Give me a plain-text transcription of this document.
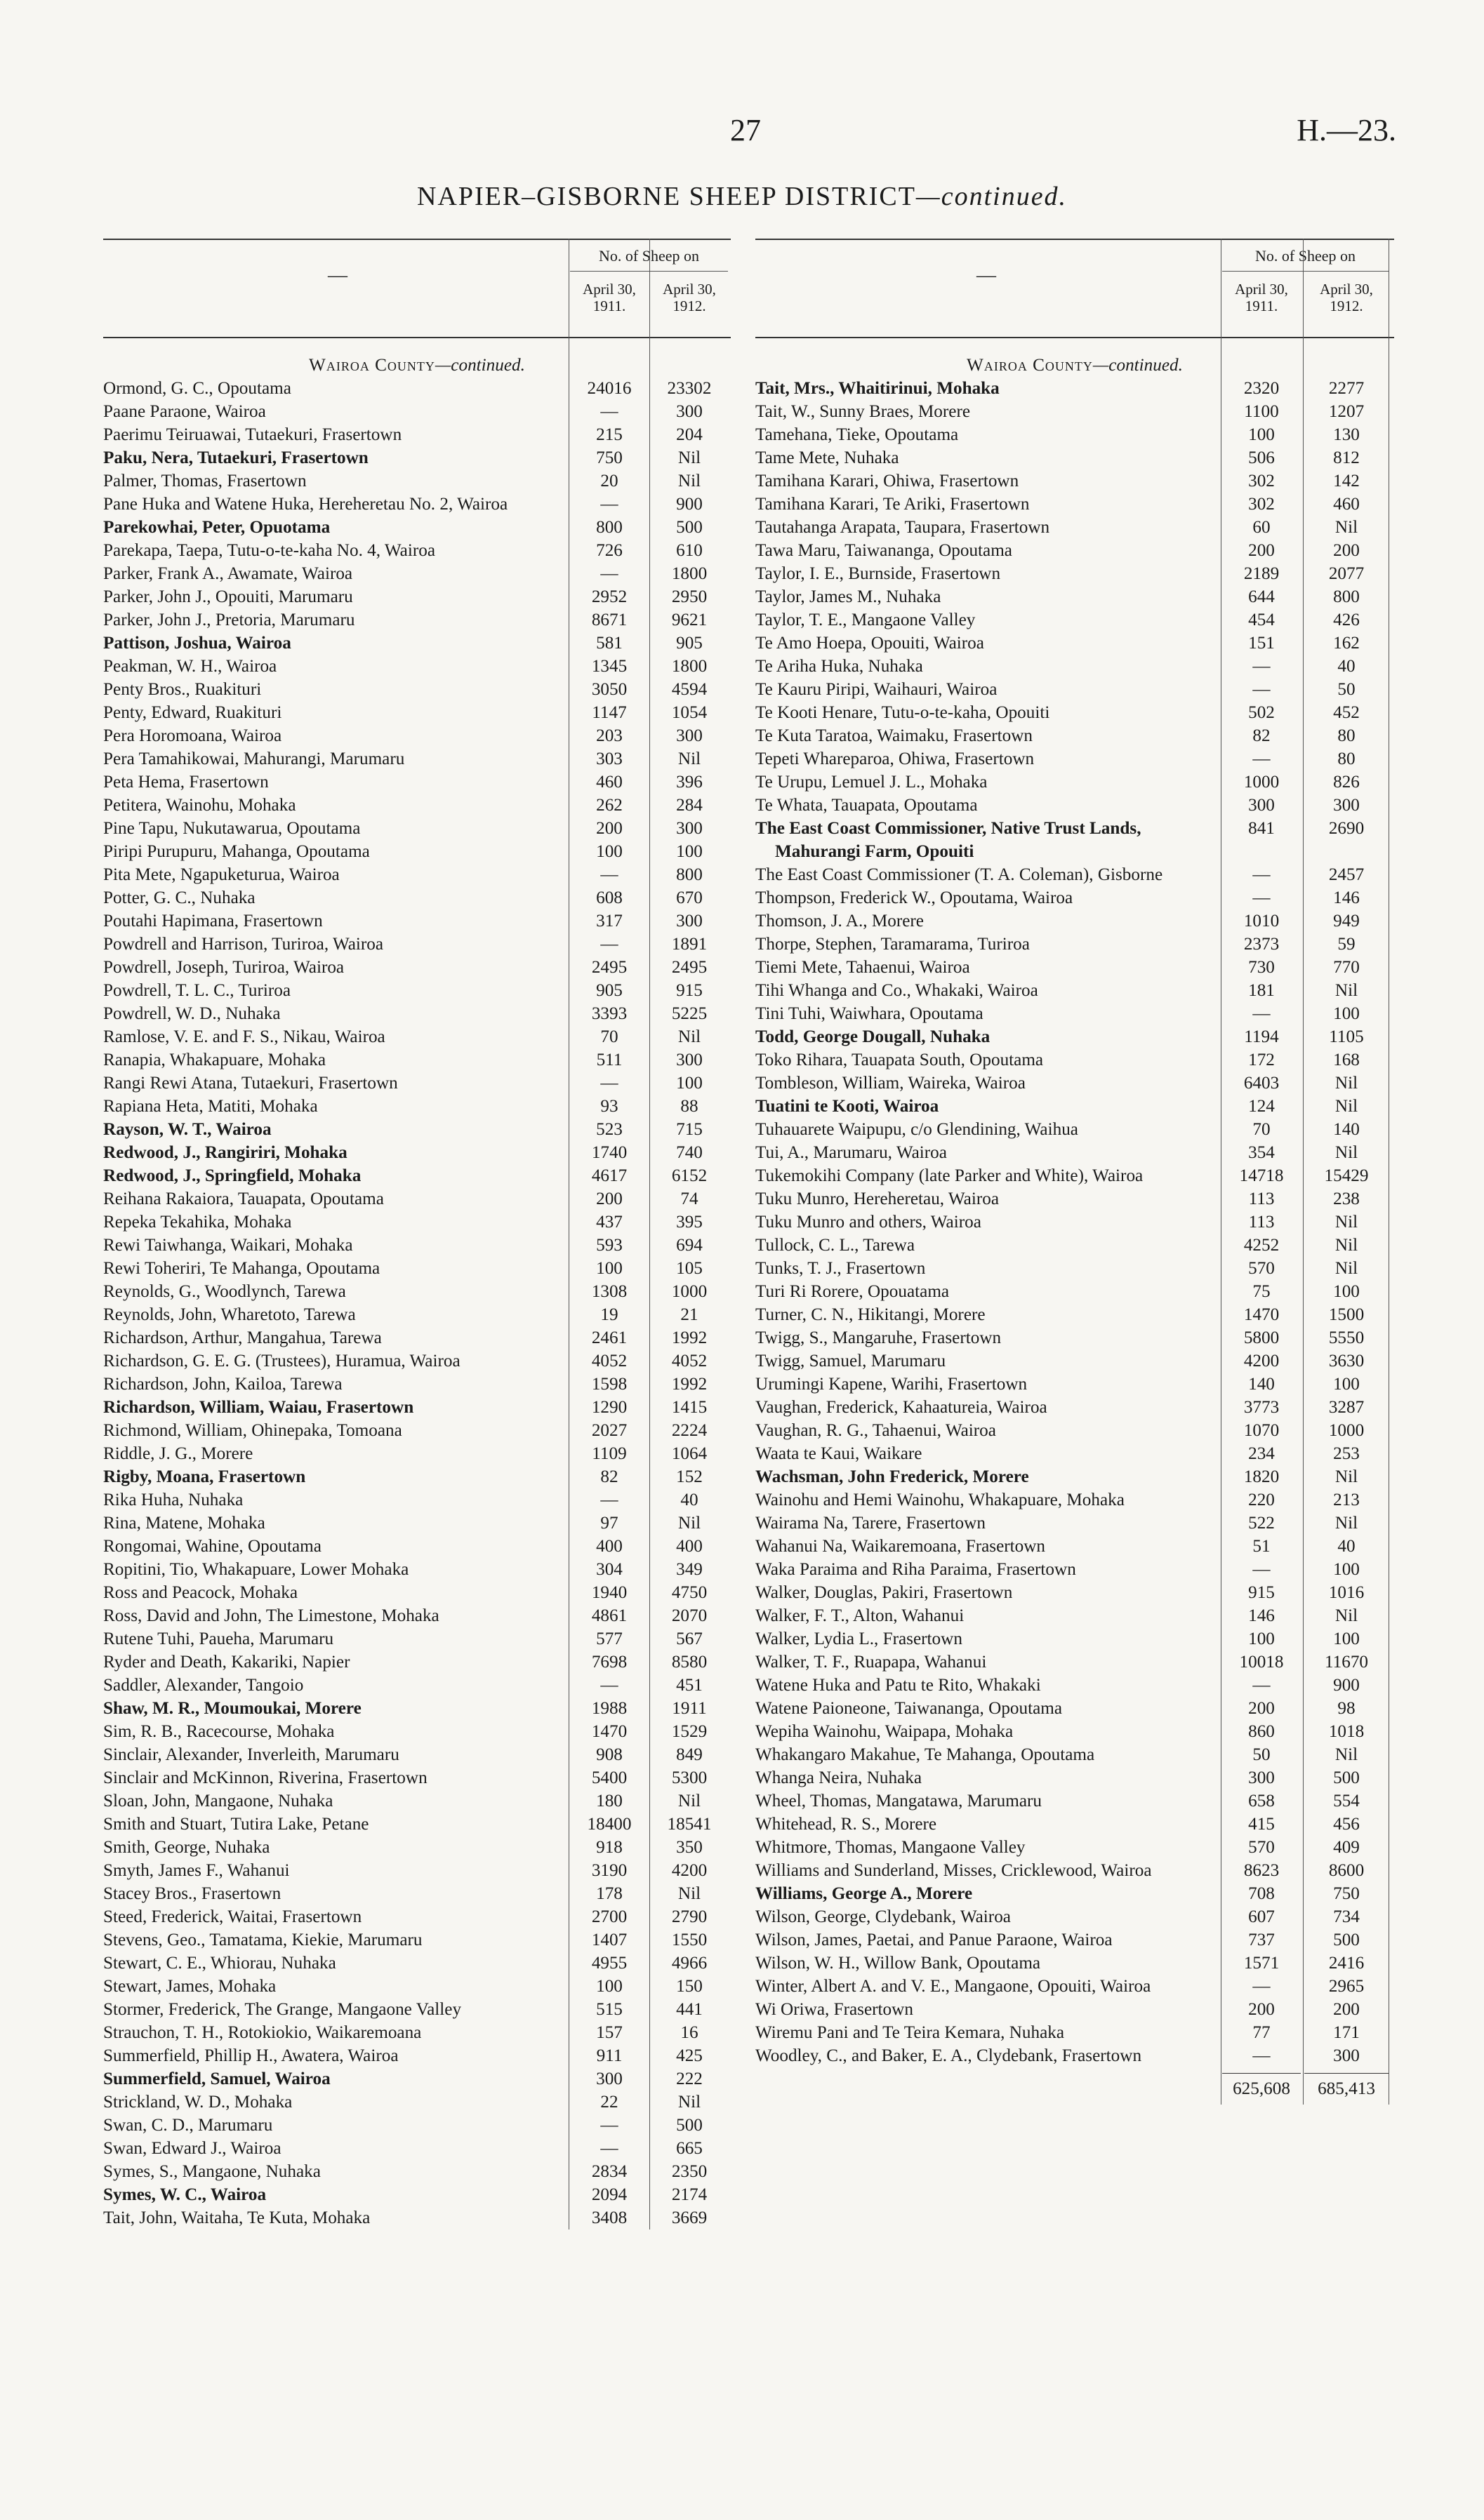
27	H.—23.
NAPIER–GISBORNE SHEEP DISTRICT—continued.
—
No. of Sheep on
April 30, 1911.
April 30, 1912.
Wairoa County—continued.
Ormond, G. C., Opoutama	24016	23302
Paane Paraone, Wairoa	—	300
Paerimu Teiruawai, Tutaekuri, Frasertown	215	204
Paku, Nera, Tutaekuri, Frasertown	750	Nil
Palmer, Thomas, Frasertown	20	Nil
Pane Huka and Watene Huka, Hereheretau No. 2, Wairoa	—	900
Parekowhai, Peter, Opuotama	800	500
Parekapa, Taepa, Tutu-o-te-kaha No. 4, Wairoa	726	610
Parker, Frank A., Awamate, Wairoa	—	1800
Parker, John J., Opouiti, Marumaru	2952	2950
Parker, John J., Pretoria, Marumaru	8671	9621
Pattison, Joshua, Wairoa	581	905
Peakman, W. H., Wairoa	1345	1800
Penty Bros., Ruakituri	3050	4594
Penty, Edward, Ruakituri	1147	1054
Pera Horomoana, Wairoa	203	300
Pera Tamahikowai, Mahurangi, Marumaru	303	Nil
Peta Hema, Frasertown	460	396
Petitera, Wainohu, Mohaka	262	284
Pine Tapu, Nukutawarua, Opoutama	200	300
Piripi Purupuru, Mahanga, Opoutama	100	100
Pita Mete, Ngapuketurua, Wairoa	—	800
Potter, G. C., Nuhaka	608	670
Poutahi Hapimana, Frasertown	317	300
Powdrell and Harrison, Turiroa, Wairoa	—	1891
Powdrell, Joseph, Turiroa, Wairoa	2495	2495
Powdrell, T. L. C., Turiroa	905	915
Powdrell, W. D., Nuhaka	3393	5225
Ramlose, V. E. and F. S., Nikau, Wairoa	70	Nil
Ranapia, Whakapuare, Mohaka	511	300
Rangi Rewi Atana, Tutaekuri, Frasertown	—	100
Rapiana Heta, Matiti, Mohaka	93	88
Rayson, W. T., Wairoa	523	715
Redwood, J., Rangiriri, Mohaka	1740	740
Redwood, J., Springfield, Mohaka	4617	6152
Reihana Rakaiora, Tauapata, Opoutama	200	74
Repeka Tekahika, Mohaka	437	395
Rewi Taiwhanga, Waikari, Mohaka	593	694
Rewi Toheriri, Te Mahanga, Opoutama	100	105
Reynolds, G., Woodlynch, Tarewa	1308	1000
Reynolds, John, Wharetoto, Tarewa	19	21
Richardson, Arthur, Mangahua, Tarewa	2461	1992
Richardson, G. E. G. (Trustees), Huramua, Wairoa	4052	4052
Richardson, John, Kailoa, Tarewa	1598	1992
Richardson, William, Waiau, Frasertown	1290	1415
Richmond, William, Ohinepaka, Tomoana	2027	2224
Riddle, J. G., Morere	1109	1064
Rigby, Moana, Frasertown	82	152
Rika Huha, Nuhaka	—	40
Rina, Matene, Mohaka	97	Nil
Rongomai, Wahine, Opoutama	400	400
Ropitini, Tio, Whakapuare, Lower Mohaka	304	349
Ross and Peacock, Mohaka	1940	4750
Ross, David and John, The Limestone, Mohaka	4861	2070
Rutene Tuhi, Paueha, Marumaru	577	567
Ryder and Death, Kakariki, Napier	7698	8580
Saddler, Alexander, Tangoio	—	451
Shaw, M. R., Moumoukai, Morere	1988	1911
Sim, R. B., Racecourse, Mohaka	1470	1529
Sinclair, Alexander, Inverleith, Marumaru	908	849
Sinclair and McKinnon, Riverina, Frasertown	5400	5300
Sloan, John, Mangaone, Nuhaka	180	Nil
Smith and Stuart, Tutira Lake, Petane	18400	18541
Smith, George, Nuhaka	918	350
Smyth, James F., Wahanui	3190	4200
Stacey Bros., Frasertown	178	Nil
Steed, Frederick, Waitai, Frasertown	2700	2790
Stevens, Geo., Tamatama, Kiekie, Marumaru	1407	1550
Stewart, C. E., Whiorau, Nuhaka	4955	4966
Stewart, James, Mohaka	100	150
Stormer, Frederick, The Grange, Mangaone Valley	515	441
Strauchon, T. H., Rotokiokio, Waikaremoana	157	16
Summerfield, Phillip H., Awatera, Wairoa	911	425
Summerfield, Samuel, Wairoa	300	222
Strickland, W. D., Mohaka	22	Nil
Swan, C. D., Marumaru	—	500
Swan, Edward J., Wairoa	—	665
Symes, S., Mangaone, Nuhaka	2834	2350
Symes, W. C., Wairoa	2094	2174
Tait, John, Waitaha, Te Kuta, Mohaka	3408	3669
—
No. of Sheep on
April 30, 1911.
April 30, 1912.
Wairoa County—continued.
Tait, Mrs., Whaitirinui, Mohaka	2320	2277
Tait, W., Sunny Braes, Morere	1100	1207
Tamehana, Tieke, Opoutama	100	130
Tame Mete, Nuhaka	506	812
Tamihana Karari, Ohiwa, Frasertown	302	142
Tamihana Karari, Te Ariki, Frasertown	302	460
Tautahanga Arapata, Taupara, Frasertown	60	Nil
Tawa Maru, Taiwananga, Opoutama	200	200
Taylor, I. E., Burnside, Frasertown	2189	2077
Taylor, James M., Nuhaka	644	800
Taylor, T. E., Mangaone Valley	454	426
Te Amo Hoepa, Opouiti, Wairoa	151	162
Te Ariha Huka, Nuhaka	—	40
Te Kauru Piripi, Waihauri, Wairoa	—	50
Te Kooti Henare, Tutu-o-te-kaha, Opouiti	502	452
Te Kuta Taratoa, Waimaku, Frasertown	82	80
Tepeti Whareparoa, Ohiwa, Frasertown	—	80
Te Urupu, Lemuel J. L., Mohaka	1000	826
Te Whata, Tauapata, Opoutama	300	300
The East Coast Commissioner, Native Trust Lands, Mahurangi Farm, Opouiti
841	2690
The East Coast Commissioner (T. A. Coleman), Gisborne	—	2457
Thompson, Frederick W., Opoutama, Wairoa	—	146
Thomson, J. A., Morere	1010	949
Thorpe, Stephen, Taramarama, Turiroa	2373	59
Tiemi Mete, Tahaenui, Wairoa	730	770
Tihi Whanga and Co., Whakaki, Wairoa	181	Nil
Tini Tuhi, Waiwhara, Opoutama	—	100
Todd, George Dougall, Nuhaka	1194	1105
Toko Rihara, Tauapata South, Opoutama	172	168
Tombleson, William, Waireka, Wairoa	6403	Nil
Tuatini te Kooti, Wairoa	124	Nil
Tuhauarete Waipupu, c/o Glendining, Waihua	70	140
Tui, A., Marumaru, Wairoa	354	Nil
Tukemokihi Company (late Parker and White), Wairoa	14718	15429
Tuku Munro, Hereheretau, Wairoa	113	238
Tuku Munro and others, Wairoa	113	Nil
Tullock, C. L., Tarewa	4252	Nil
Tunks, T. J., Frasertown	570	Nil
Turi Ri Rorere, Opouatama	75	100
Turner, C. N., Hikitangi, Morere	1470	1500
Twigg, S., Mangaruhe, Frasertown	5800	5550
Twigg, Samuel, Marumaru	4200	3630
Urumingi Kapene, Warihi, Frasertown	140	100
Vaughan, Frederick, Kahaatureia, Wairoa	3773	3287
Vaughan, R. G., Tahaenui, Wairoa	1070	1000
Waata te Kaui, Waikare	234	253
Wachsman, John Frederick, Morere	1820	Nil
Wainohu and Hemi Wainohu, Whakapuare, Mohaka	220	213
Wairama Na, Tarere, Frasertown	522	Nil
Wahanui Na, Waikaremoana, Frasertown	51	40
Waka Paraima and Riha Paraima, Frasertown	—	100
Walker, Douglas, Pakiri, Frasertown	915	1016
Walker, F. T., Alton, Wahanui	146	Nil
Walker, Lydia L., Frasertown	100	100
Walker, T. F., Ruapapa, Wahanui	10018	11670
Watene Huka and Patu te Rito, Whakaki	—	900
Watene Paioneone, Taiwananga, Opoutama	200	98
Wepiha Wainohu, Waipapa, Mohaka	860	1018
Whakangaro Makahue, Te Mahanga, Opoutama	50	Nil
Whanga Neira, Nuhaka	300	500
Wheel, Thomas, Mangatawa, Marumaru	658	554
Whitehead, R. S., Morere	415	456
Whitmore, Thomas, Mangaone Valley	570	409
Williams and Sunderland, Misses, Cricklewood, Wairoa	8623	8600
Williams, George A., Morere	708	750
Wilson, George, Clydebank, Wairoa	607	734
Wilson, James, Paetai, and Panue Paraone, Wairoa	737	500
Wilson, W. H., Willow Bank, Opoutama	1571	2416
Winter, Albert A. and V. E., Mangaone, Opouiti, Wairoa	—	2965
Wi Oriwa, Frasertown	200	200
Wiremu Pani and Te Teira Kemara, Nuhaka	77	171
Woodley, C., and Baker, E. A., Clydebank, Frasertown	—	300
625,608	685,413
